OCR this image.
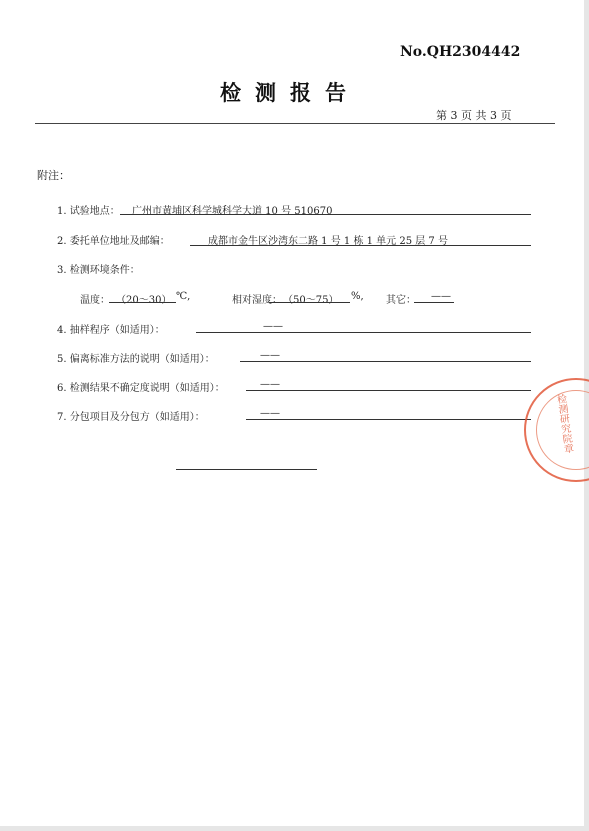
No.QH2304442
检测报告
第 3 页 共 3 页
附注：
1. 试验地点： 广州市黄埔区科学城科学大道 10 号 510670
2. 委托单位地址及邮编：	成都市金牛区沙湾东二路 1 号 1 栋 1 单元 25 层 7 号
3. 检测环境条件：
温度： （20～30） ℃,	相对湿度： （50～75） %, 其它： ——
4. 抽样程序（如适用）：	——
5. 偏离标准方法的说明（如适用）：	——
6. 检测结果不确定度说明（如适用）：	——
7. 分包项目及分包方（如适用）：	——	检测研究院章
